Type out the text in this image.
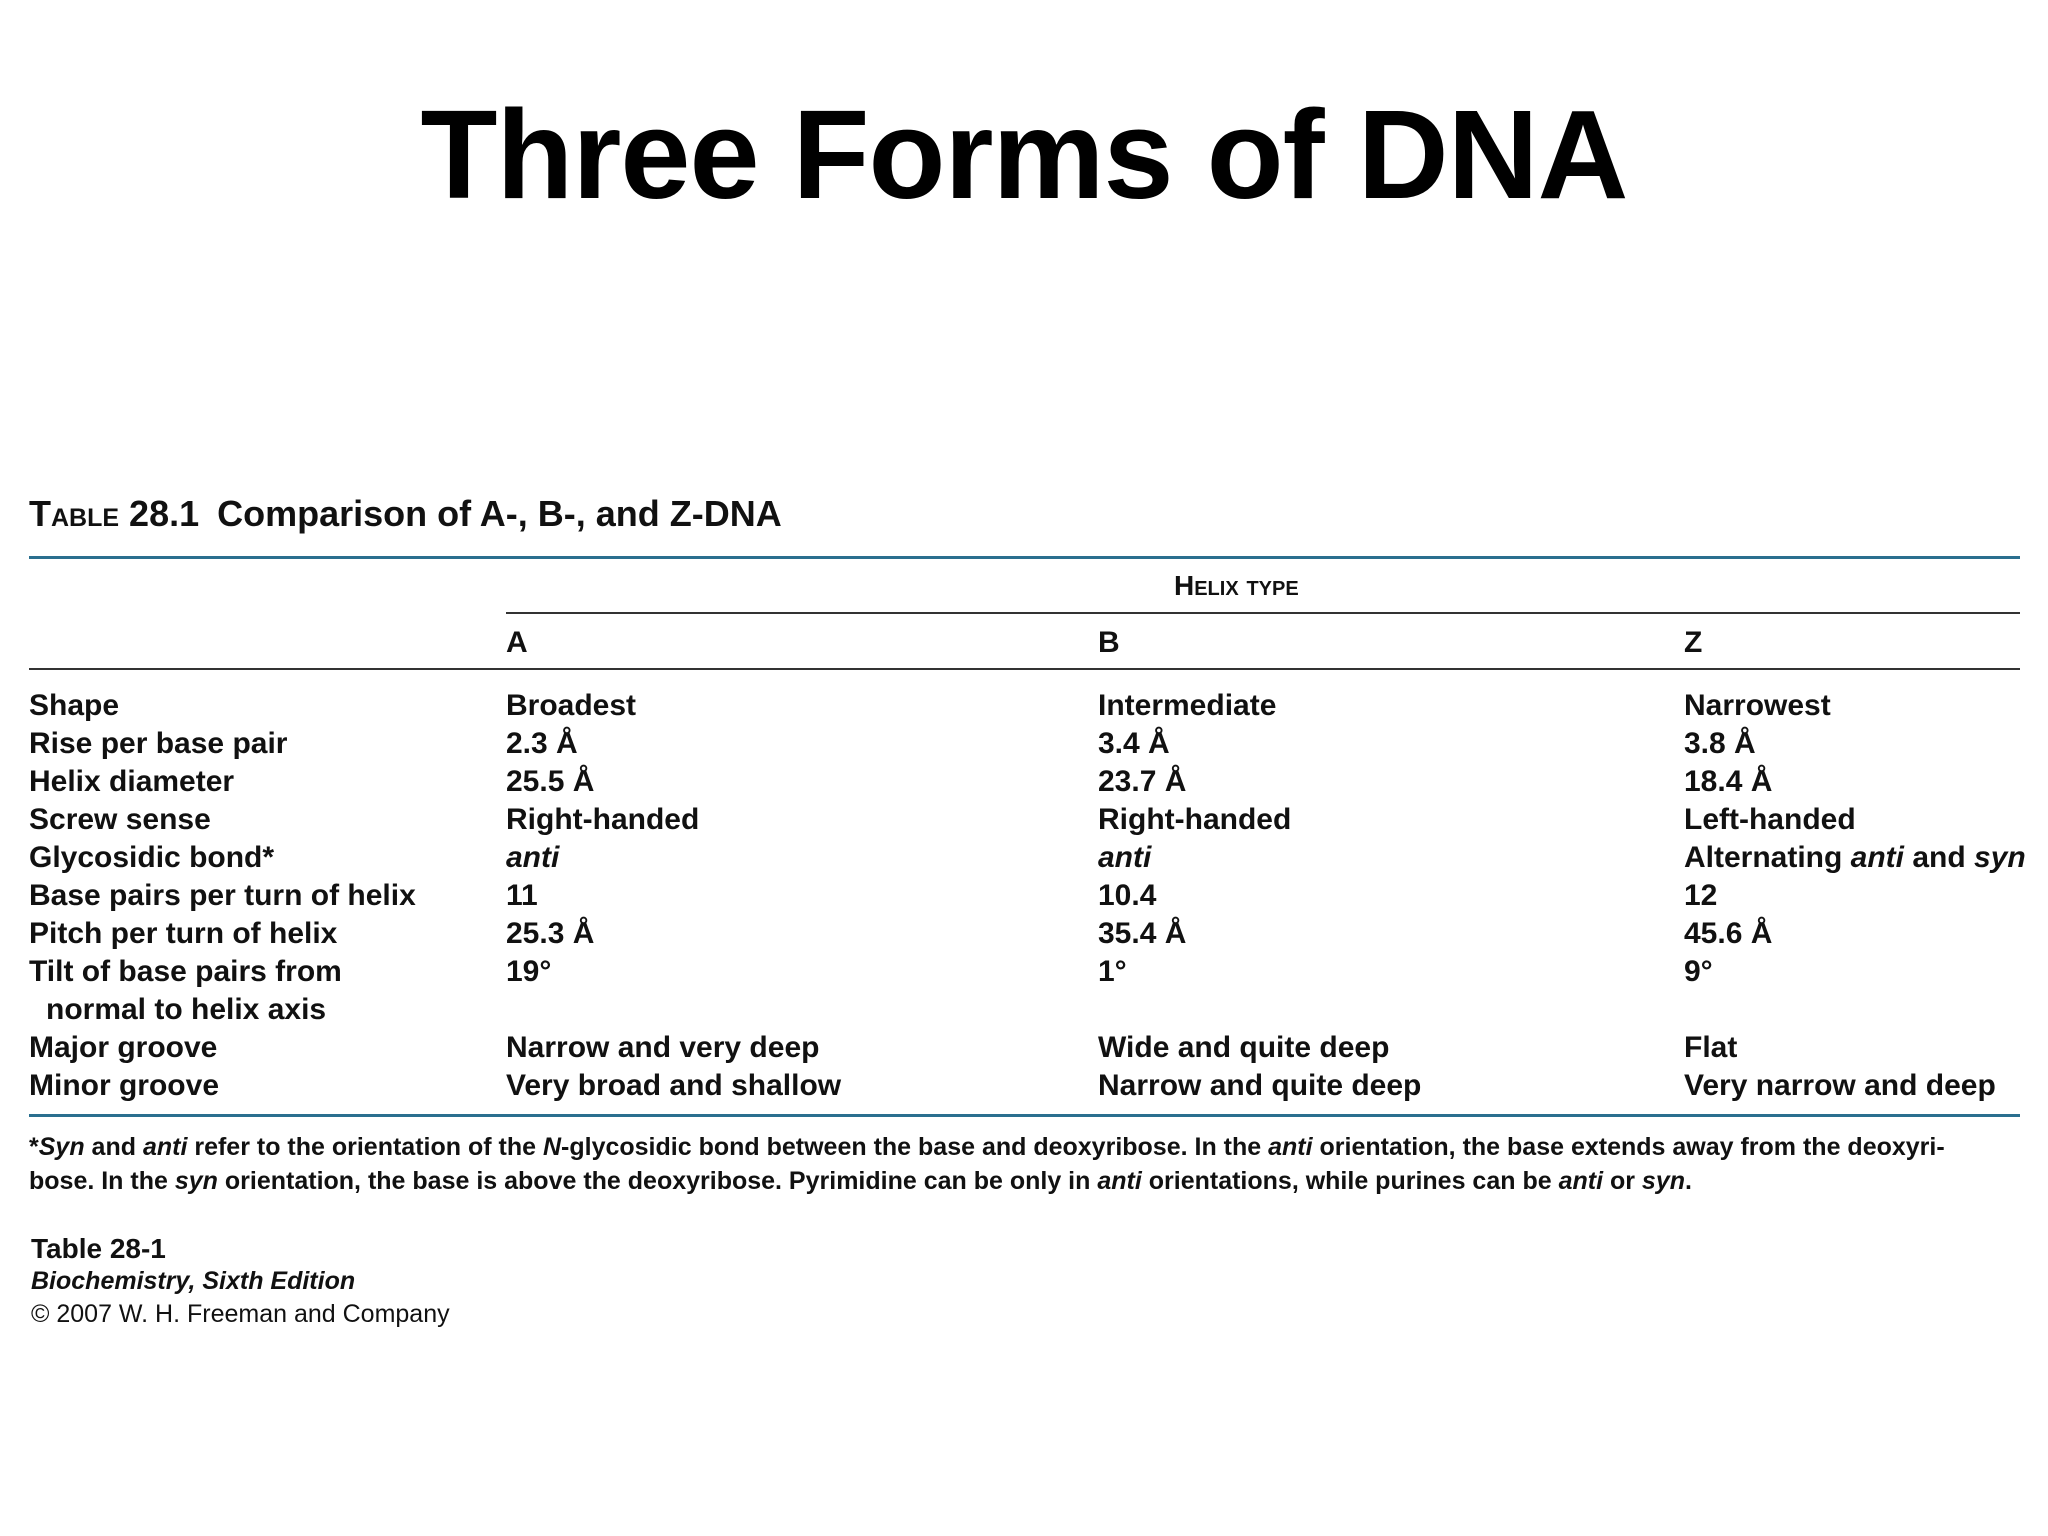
Three Forms of DNA
Table 28.1 Comparison of A-, B-, and Z-DNA
Helix type
A	B	Z
Shape	Broadest	Intermediate	Narrowest
Rise per base pair	2.3 Å	3.4 Å	3.8 Å
Helix diameter	25.5 Å	23.7 Å	18.4 Å
Screw sense	Right-handed	Right-handed	Left-handed
Glycosidic bond*	anti	anti	Alternating anti and syn
Base pairs per turn of helix	11	10.4	12
Pitch per turn of helix	25.3 Å	35.4 Å	45.6 Å
Tilt of base pairs from
normal to helix axis
19°	1°	9°
Major groove	Narrow and very deep	Wide and quite deep	Flat
Minor groove	Very broad and shallow	Narrow and quite deep	Very narrow and deep

*Syn and anti refer to the orientation of the N-glycosidic bond between the base and deoxyribose. In the anti orientation, the base extends away from the deoxyri-

bose. In the syn orientation, the base is above the deoxyribose. Pyrimidine can be only in anti orientations, while purines can be anti or syn.

Table 28-1
Biochemistry, Sixth Edition
© 2007 W. H. Freeman and Company
